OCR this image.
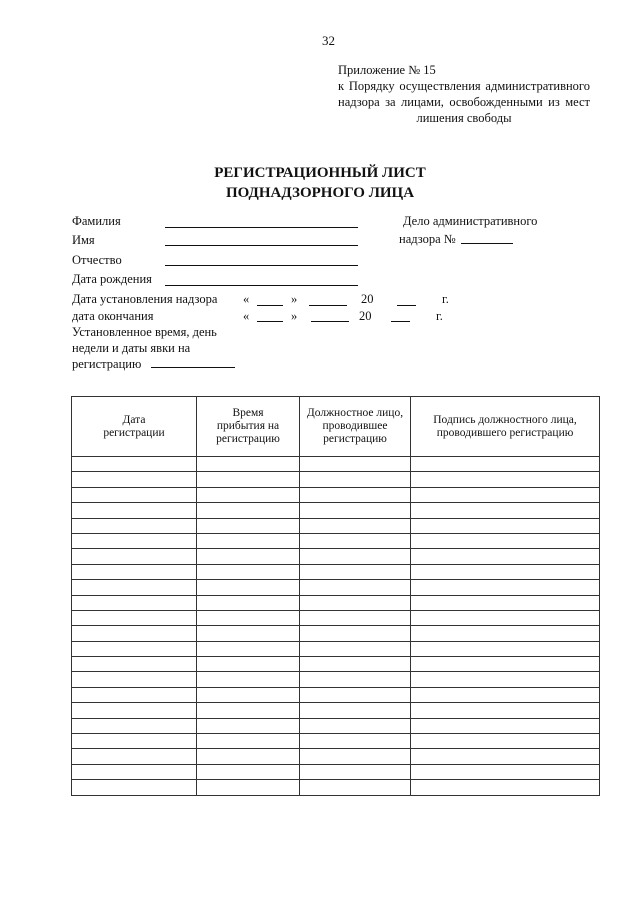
32
Приложение № 15
к Порядку осуществления административного
надзора за лицами, освобожденными из мест
лишения свободы
РЕГИСТРАЦИОННЫЙ ЛИСТ
ПОДНАДЗОРНОГО ЛИЦА
Фамилия
Имя
Отчество
Дата рождения
Дело административного
надзора №
Дата установления надзора «	»	20	г.
дата окончания	«	»	20	г.
Установленное время, день
недели и даты явки на
регистрацию
Дата регистрации	Время прибытия на регистрацию	Должностное лицо, проводившее регистрацию	Подпись должностного лица, проводившего регистрацию
